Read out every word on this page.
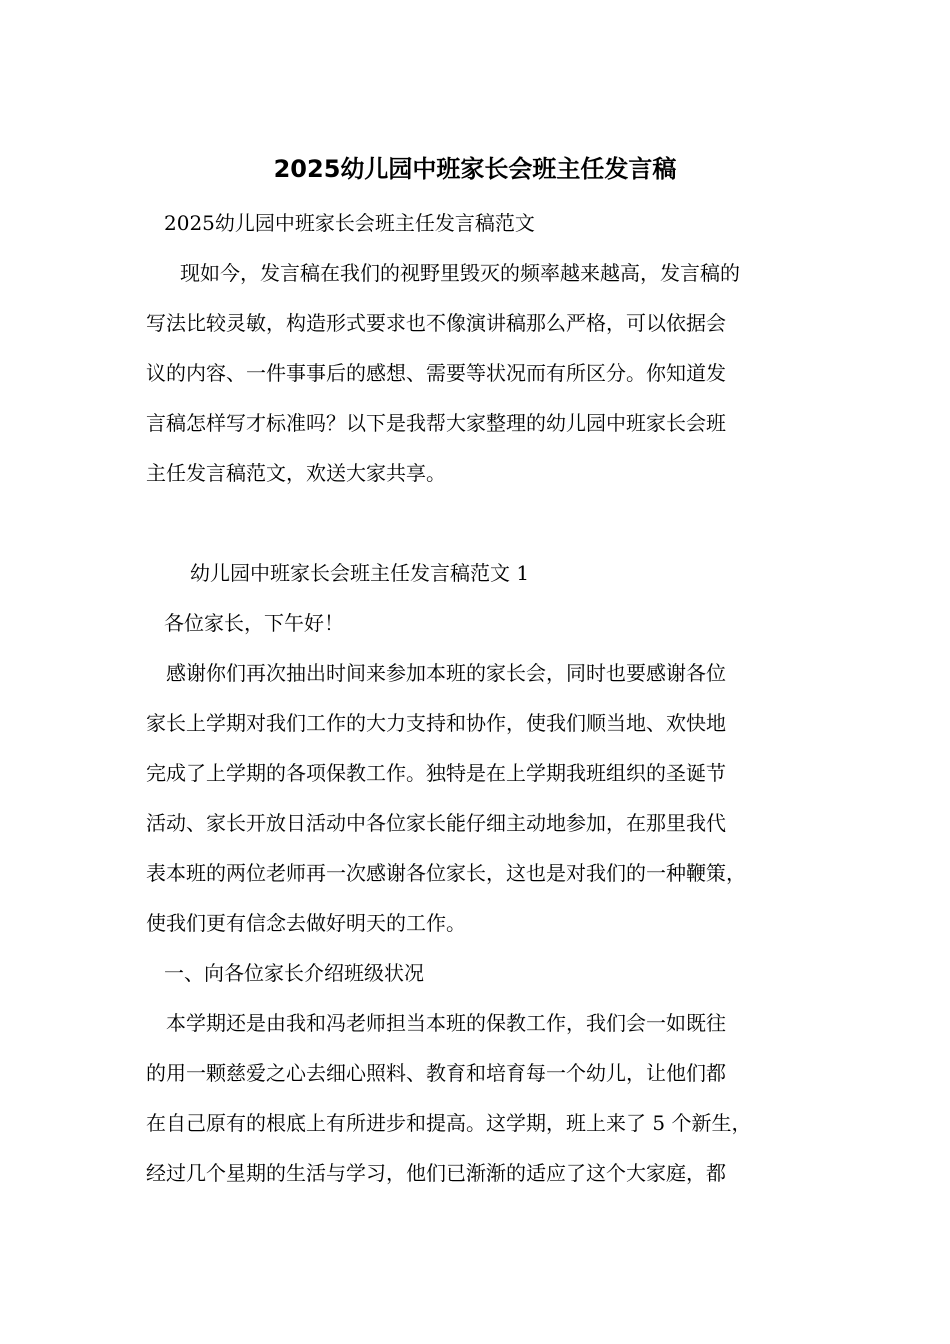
2025幼儿园中班家长会班主任发言稿

2025幼儿园中班家长会班主任发言稿范文

现如今，发言稿在我们的视野里毁灭的频率越来越高，发言稿的

写法比较灵敏，构造形式要求也不像演讲稿那么严格，可以依据会

议的内容、一件事事后的感想、需要等状况而有所区分。你知道发

言稿怎样写才标准吗？以下是我帮大家整理的幼儿园中班家长会班

主任发言稿范文，欢送大家共享。

幼儿园中班家长会班主任发言稿范文 1

各位家长，下午好！

感谢你们再次抽出时间来参加本班的家长会，同时也要感谢各位

家长上学期对我们工作的大力支持和协作，使我们顺当地、欢快地

完成了上学期的各项保教工作。独特是在上学期我班组织的圣诞节

活动、家长开放日活动中各位家长能仔细主动地参加，在那里我代

表本班的两位老师再一次感谢各位家长，这也是对我们的一种鞭策，

使我们更有信念去做好明天的工作。

一、向各位家长介绍班级状况

本学期还是由我和冯老师担当本班的保教工作，我们会一如既往

的用一颗慈爱之心去细心照料、教育和培育每一个幼儿，让他们都

在自己原有的根底上有所进步和提高。这学期，班上来了 5 个新生，

经过几个星期的生活与学习，他们已渐渐的适应了这个大家庭，都
